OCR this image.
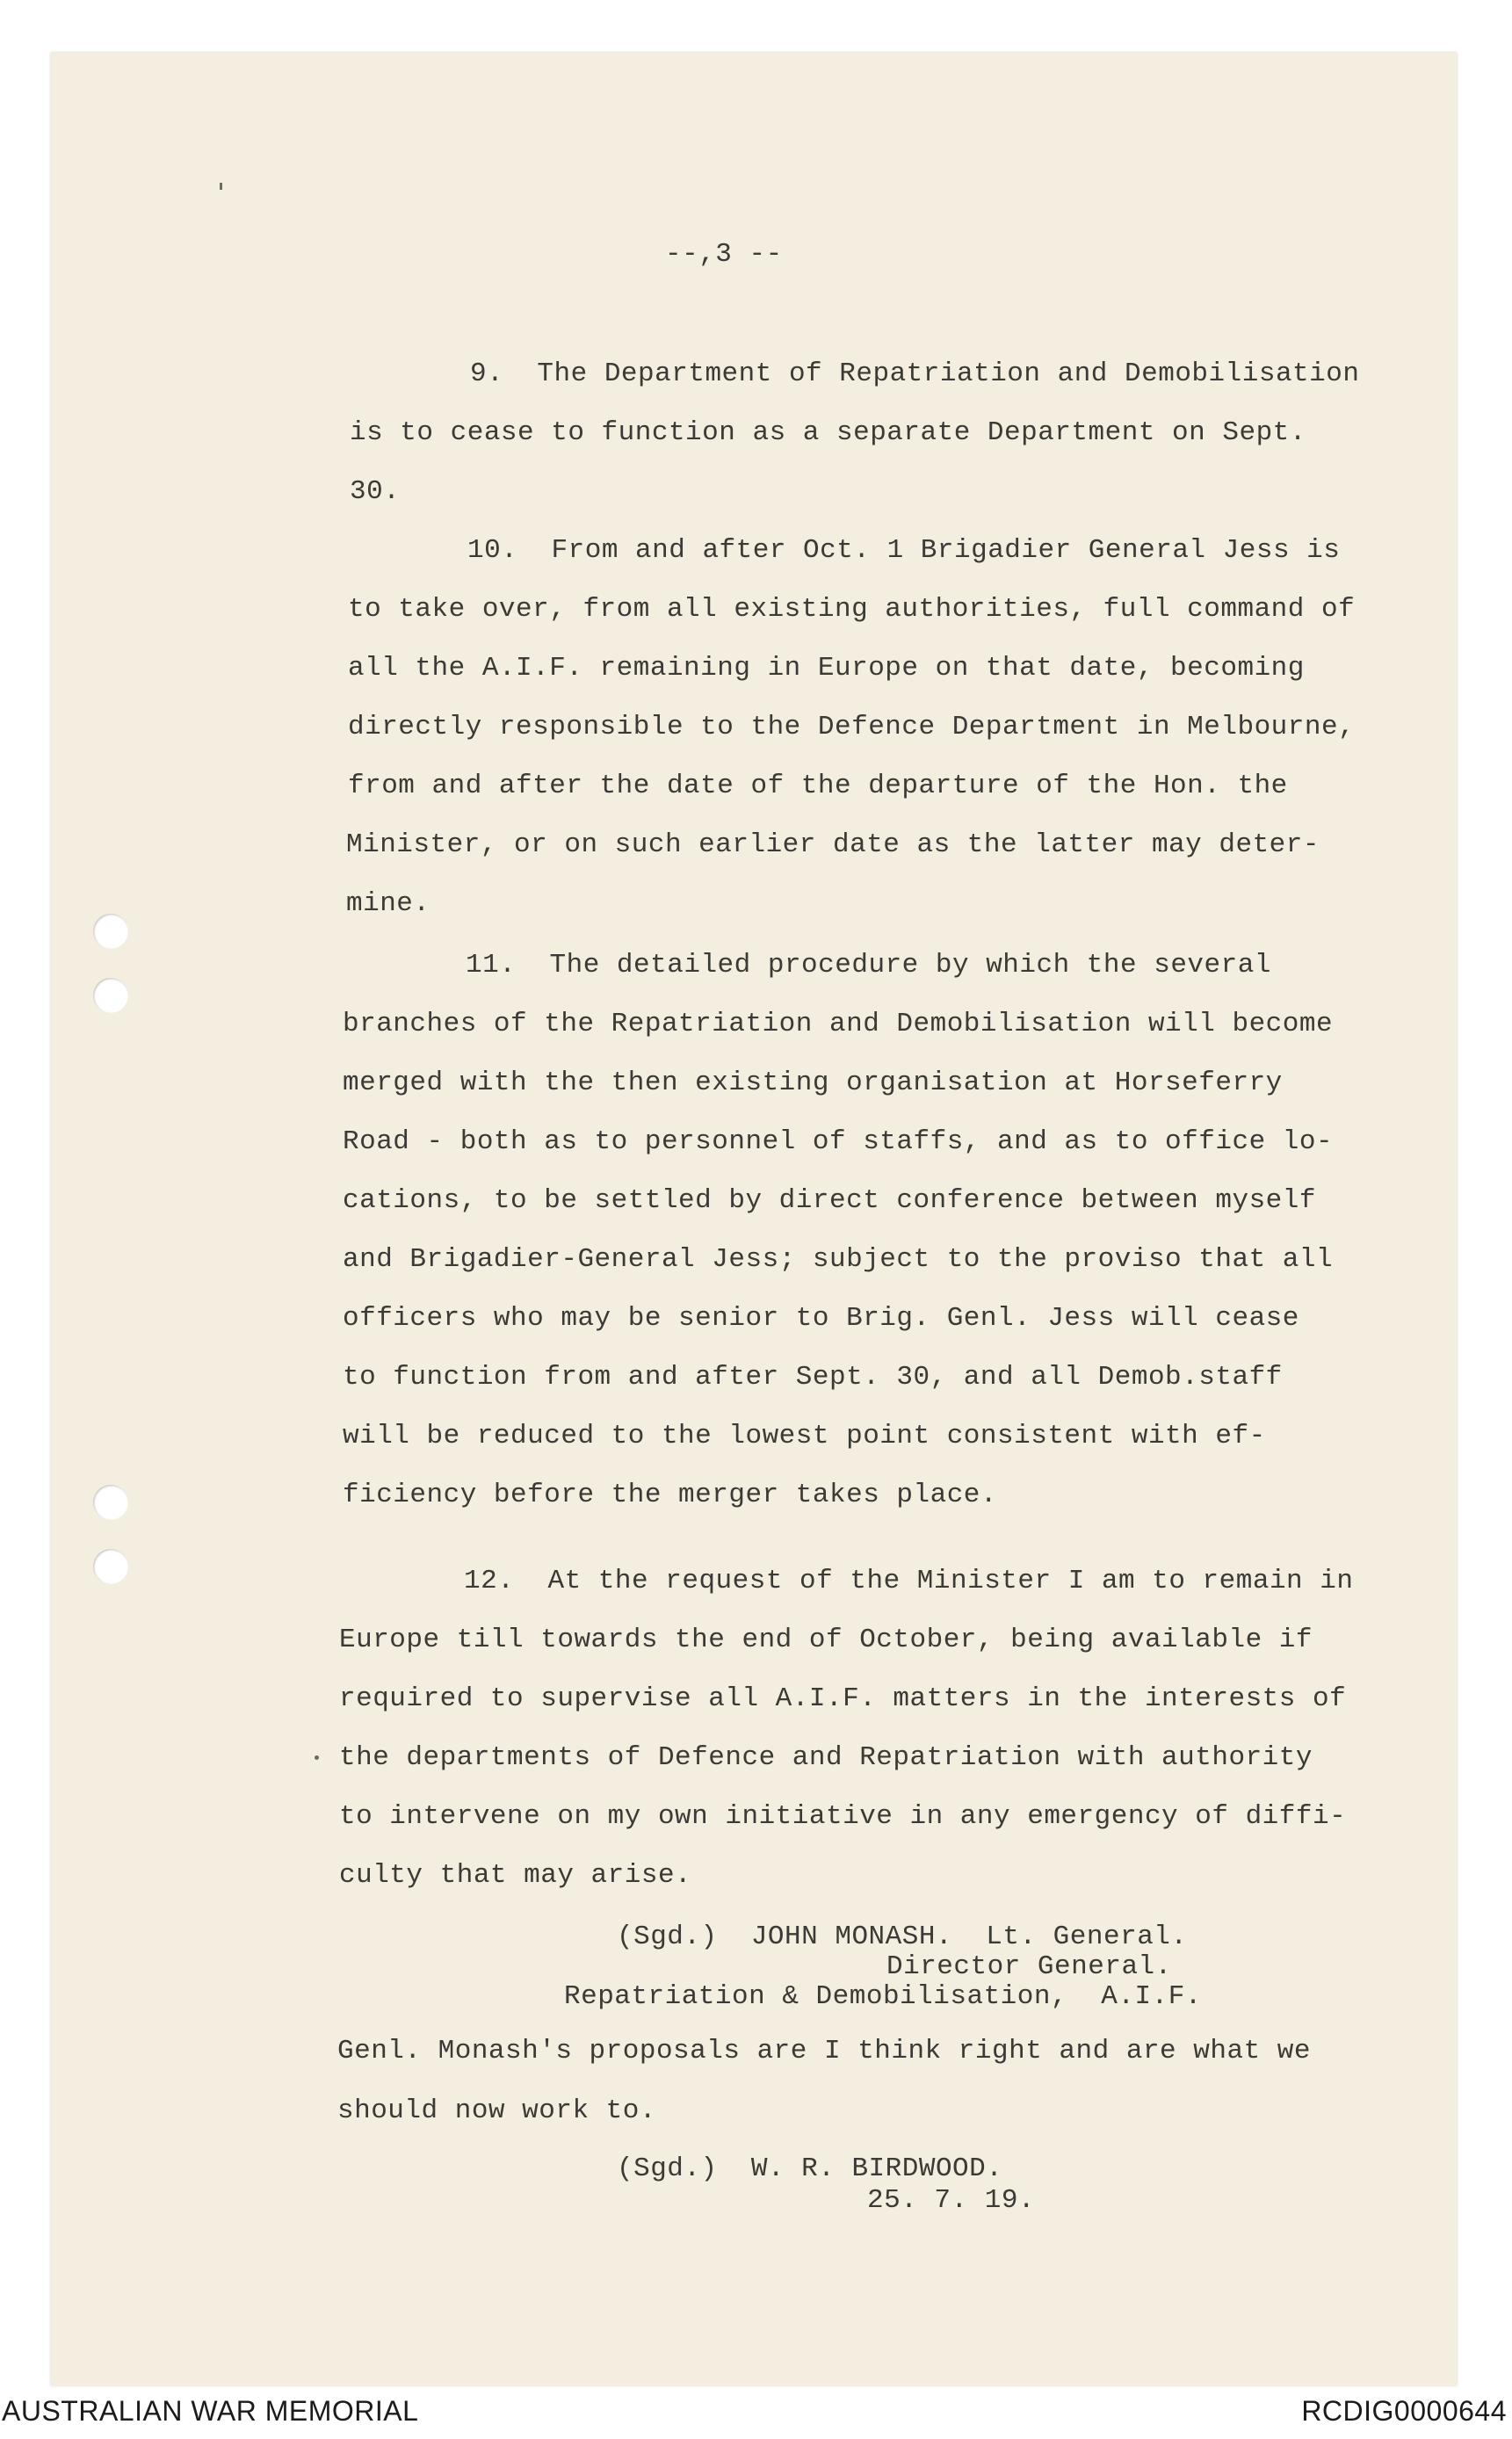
--,3 --

9.  The Department of Repatriation and Demobilisation

is to cease to function as a separate Department on Sept.

30.

10.  From and after Oct. 1 Brigadier General Jess is

to take over, from all existing authorities, full command of

all the A.I.F. remaining in Europe on that date, becoming

directly responsible to the Defence Department in Melbourne,

from and after the date of the departure of the Hon. the

Minister, or on such earlier date as the latter may deter-

mine.

11.  The detailed procedure by which the several

branches of the Repatriation and Demobilisation will become

merged with the then existing organisation at Horseferry

Road - both as to personnel of staffs, and as to office lo-

cations, to be settled by direct conference between myself

and Brigadier-General Jess; subject to the proviso that all

officers who may be senior to Brig. Genl. Jess will cease

to function from and after Sept. 30, and all Demob.staff

will be reduced to the lowest point consistent with ef-

ficiency before the merger takes place.

12.  At the request of the Minister I am to remain in

Europe till towards the end of October, being available if

required to supervise all A.I.F. matters in the interests of

the departments of Defence and Repatriation with authority

to intervene on my own initiative in any emergency of diffi-

culty that may arise.

(Sgd.)  JOHN MONASH.  Lt. General.

Director General.

Repatriation & Demobilisation,  A.I.F.

Genl. Monash's proposals are I think right and are what we

should now work to.

(Sgd.)  W. R. BIRDWOOD.

25. 7. 19.

AUSTRALIAN WAR MEMORIAL	RCDIG0000644
